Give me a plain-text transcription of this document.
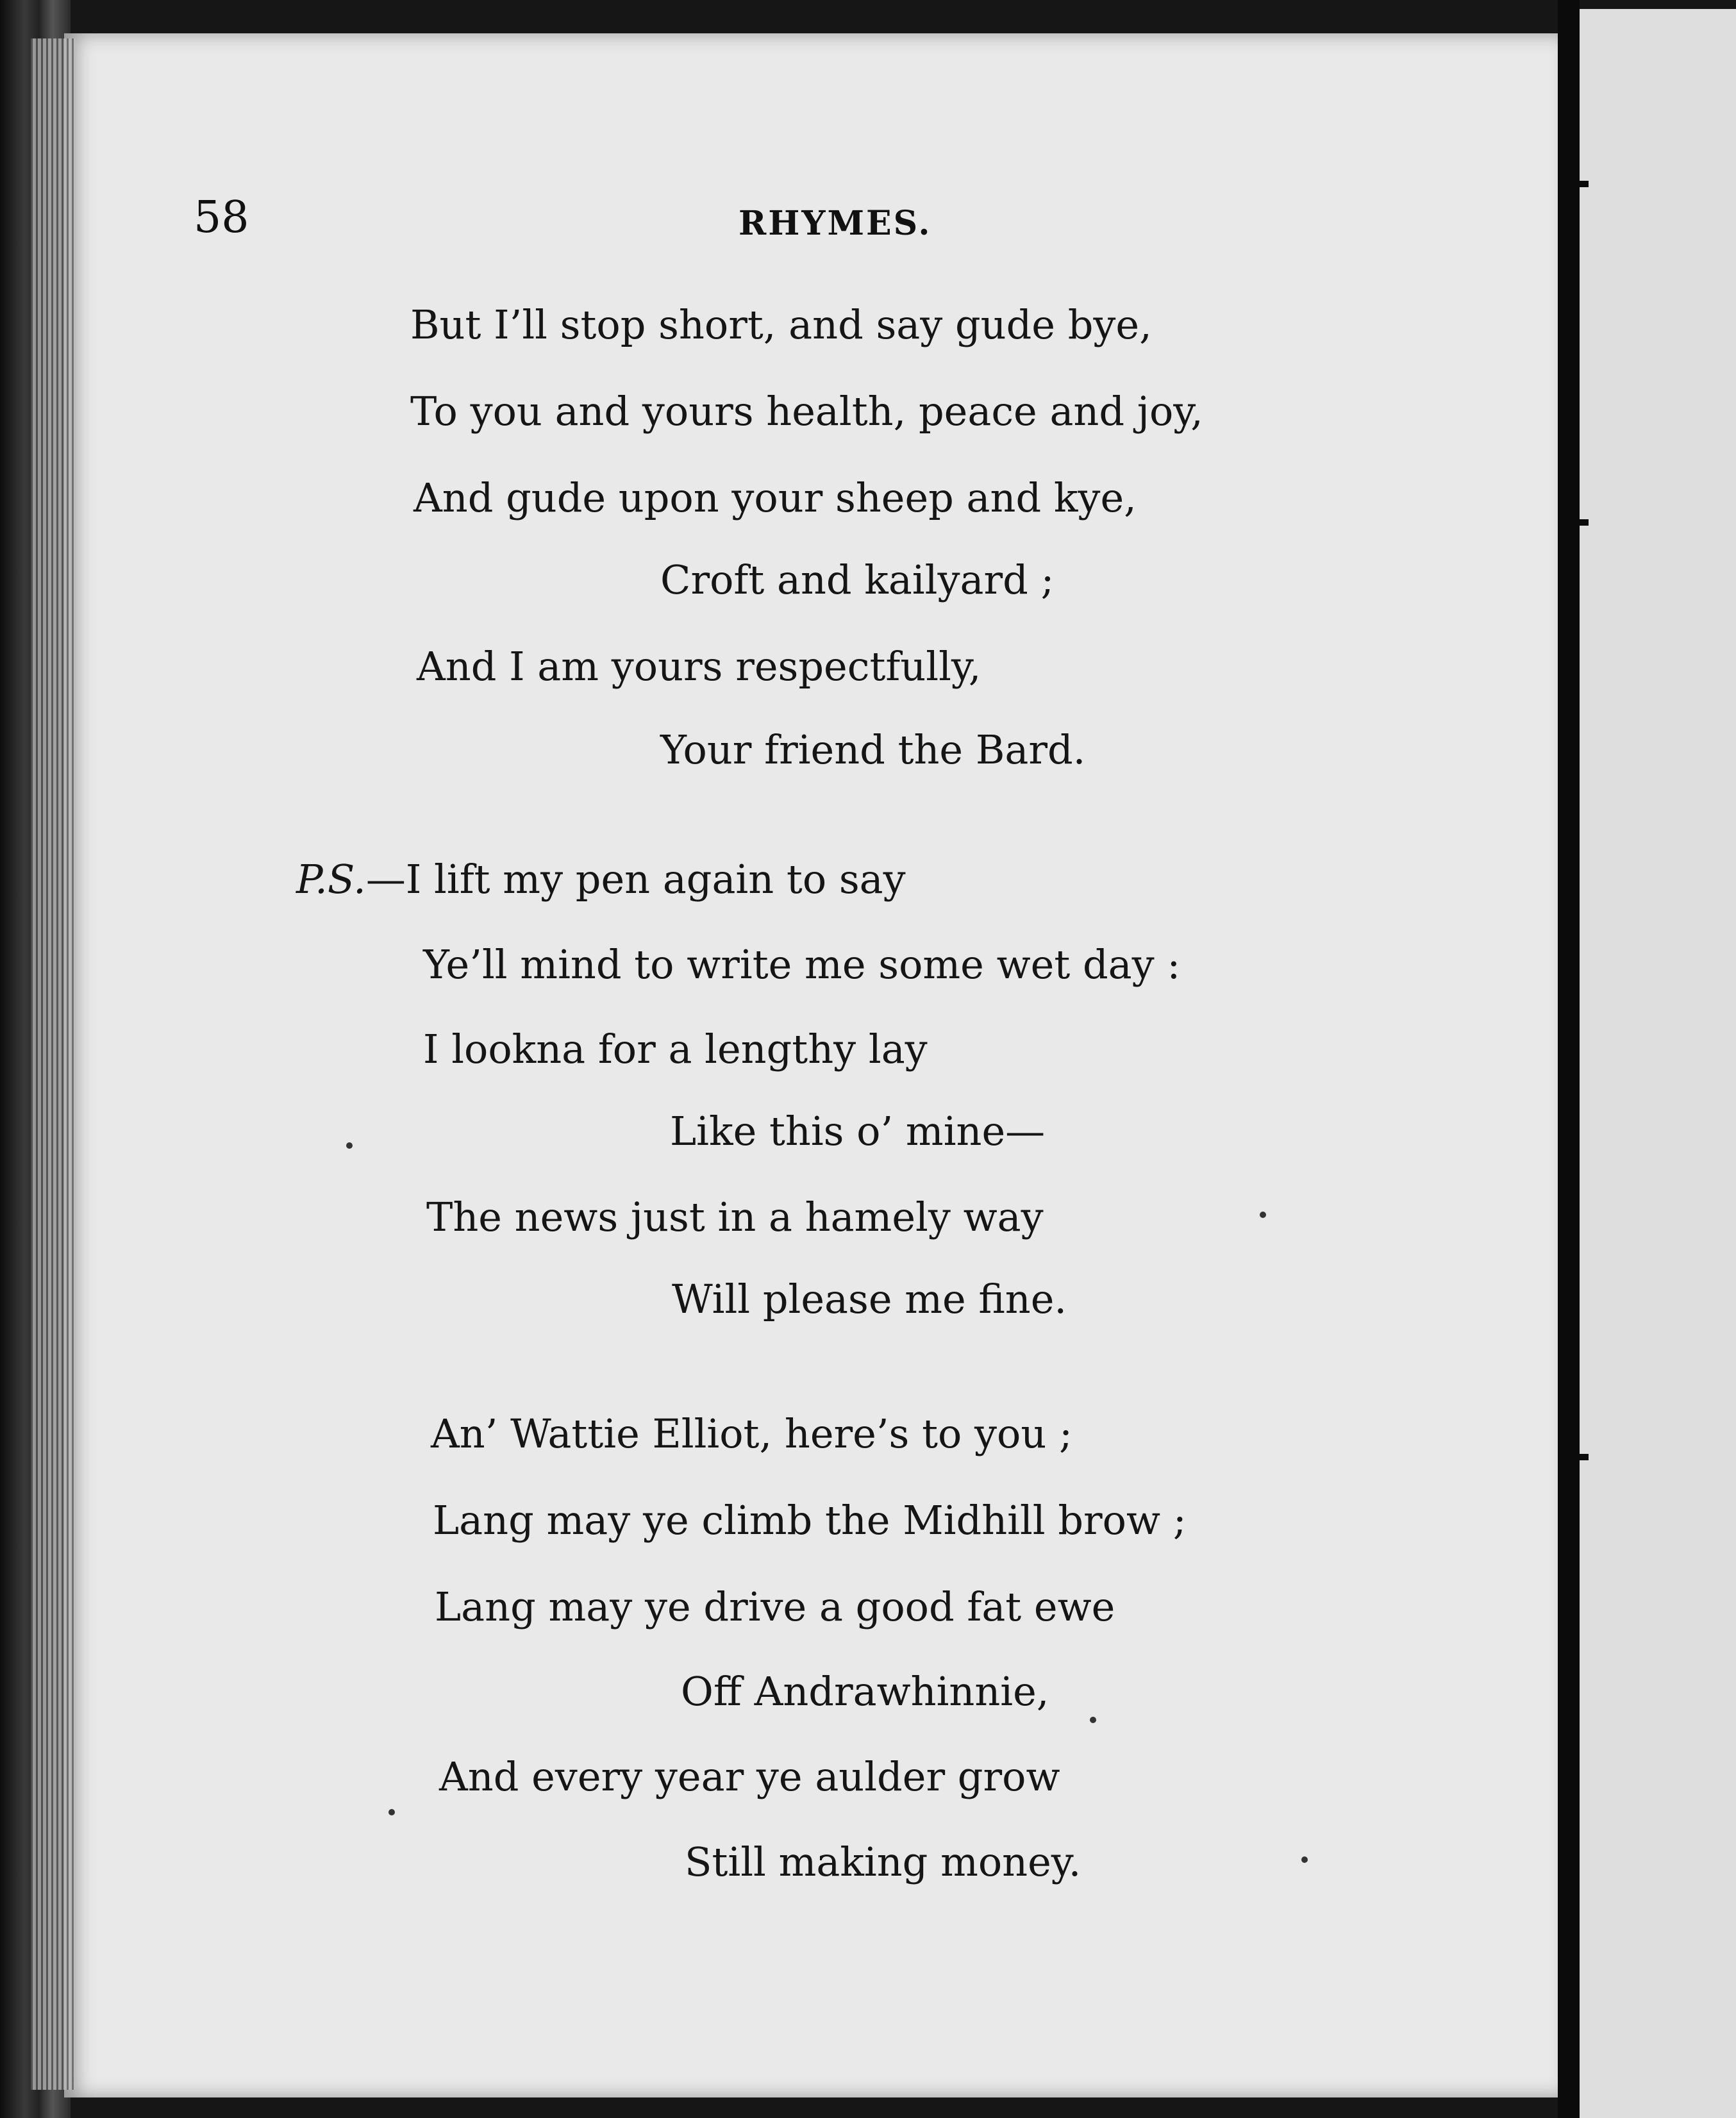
58	RHYMES.
But I’ll stop short, and say gude bye,
To you and yours health, peace and joy,
And gude upon your sheep and kye,
Croft and kailyard ;
And I am yours respectfully,
Your friend the Bard.
P.S.—I lift my pen again to say
Ye’ll mind to write me some wet day :
I lookna for a lengthy lay
Like this o’ mine—
The news just in a hamely way
Will please me fine.
An’ Wattie Elliot, here’s to you ;
Lang may ye climb the Midhill brow ;
Lang may ye drive a good fat ewe
Off Andrawhinnie,
And every year ye aulder grow
Still making money.
